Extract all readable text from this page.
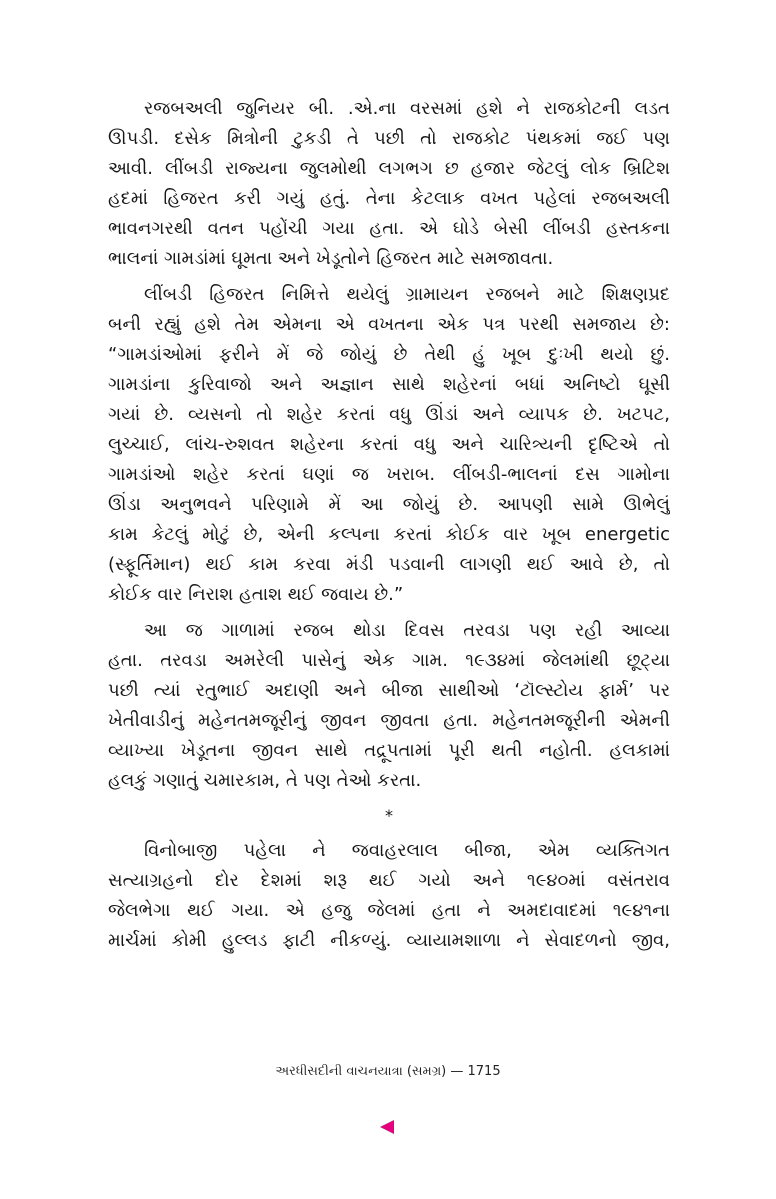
રજબઅલી જુનિયર બી. .એ.ના વરસમાં હશે ને રાજકોટની લડત
ઊપડી. દસેક મિત્રોની ટુકડી તે પછી તો રાજકોટ પંથકમાં જઈ પણ
આવી. લીંબડી રાજ્યના જુલમોથી લગભગ છ હજાર જેટલું લોક બ્રિટિશ
હદમાં હિજરત કરી ગયું હતું. તેના કેટલાક વખત પહેલાં રજબઅલી
ભાવનગરથી વતન પહોંચી ગયા હતા. એ ઘોડે બેસી લીંબડી હસ્તકના
ભાલનાં ગામડાંમાં ઘૂમતા અને ખેડૂતોને હિજરત માટે સમજાવતા.
લીંબડી હિજરત નિમિત્તે થયેલું ગ્રામાયન રજબને માટે શિક્ષણપ્રદ
બની રહ્યું હશે તેમ એમના એ વખતના એક પત્ર પરથી સમજાય છે:
“ગામડાંઓમાં ફરીને મેં જે જોયું છે તેથી હું ખૂબ દુઃખી થયો છું.
ગામડાંના કુરિવાજો અને અજ્ઞાન સાથે શહેરનાં બધાં અનિષ્ટો ઘૂસી
ગયાં છે. વ્યસનો તો શહેર કરતાં વધુ ઊંડાં અને વ્યાપક છે. ખટપટ,
લુચ્ચાઈ, લાંચ-રુશવત શહેરના કરતાં વધુ અને ચારિત્ર્યની દૃષ્ટિએ તો
ગામડાંઓ શહેર કરતાં ઘણાં જ ખરાબ. લીંબડી-ભાલનાં દસ ગામોના
ઊંડા અનુભવને પરિણામે મેં આ જોયું છે. આપણી સામે ઊભેલું
કામ કેટલું મોટું છે, એની કલ્પના કરતાં કોઈક વાર ખૂબ energetic
(સ્ફૂર્તિમાન) થઈ કામ કરવા મંડી પડવાની લાગણી થઈ આવે છે, તો
કોઈક વાર નિરાશ હતાશ થઈ જવાય છે.”
આ જ ગાળામાં રજબ થોડા દિવસ તરવડા પણ રહી આવ્યા
હતા. તરવડા અમરેલી પાસેનું એક ગામ. ૧૯૩૪માં જેલમાંથી છૂટ્યા
પછી ત્યાં રતુભાઈ અદાણી અને બીજા સાથીઓ ‘ટૉલ્સ્ટોય ફાર્મ’ પર
ખેતીવાડીનું મહેનતમજૂરીનું જીવન જીવતા હતા. મહેનતમજૂરીની એમની
વ્યાખ્યા ખેડૂતના જીવન સાથે તદ્રૂપતામાં પૂરી થતી નહોતી. હલકામાં
હલકું ગણાતું ચમારકામ, તે પણ તેઓ કરતા.
*
વિનોબાજી પહેલા ને જવાહરલાલ બીજા, એમ વ્યક્તિગત
સત્યાગ્રહનો દોર દેશમાં શરૂ થઈ ગયો અને ૧૯૪૦માં વસંતરાવ
જેલભેગા થઈ ગયા. એ હજુ જેલમાં હતા ને અમદાવાદમાં ૧૯૪૧ના
માર્ચમાં કોમી હુલ્લડ ફાટી નીકળ્યું. વ્યાયામશાળા ને સેવાદળનો જીવ,
અરધીસદીની વાચનયાત્રા (સમગ્ર) — 1715
